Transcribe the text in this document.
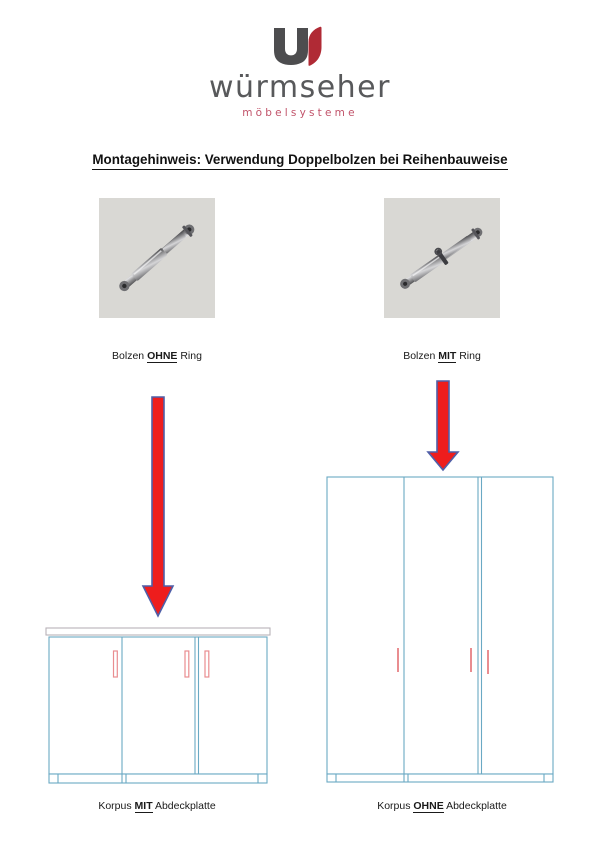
würmseher
möbelsysteme
Montagehinweis: Verwendung Doppelbolzen bei Reihenbauweise
Bolzen OHNE Ring	Bolzen MIT Ring
Korpus MIT Abdeckplatte	Korpus OHNE Abdeckplatte
